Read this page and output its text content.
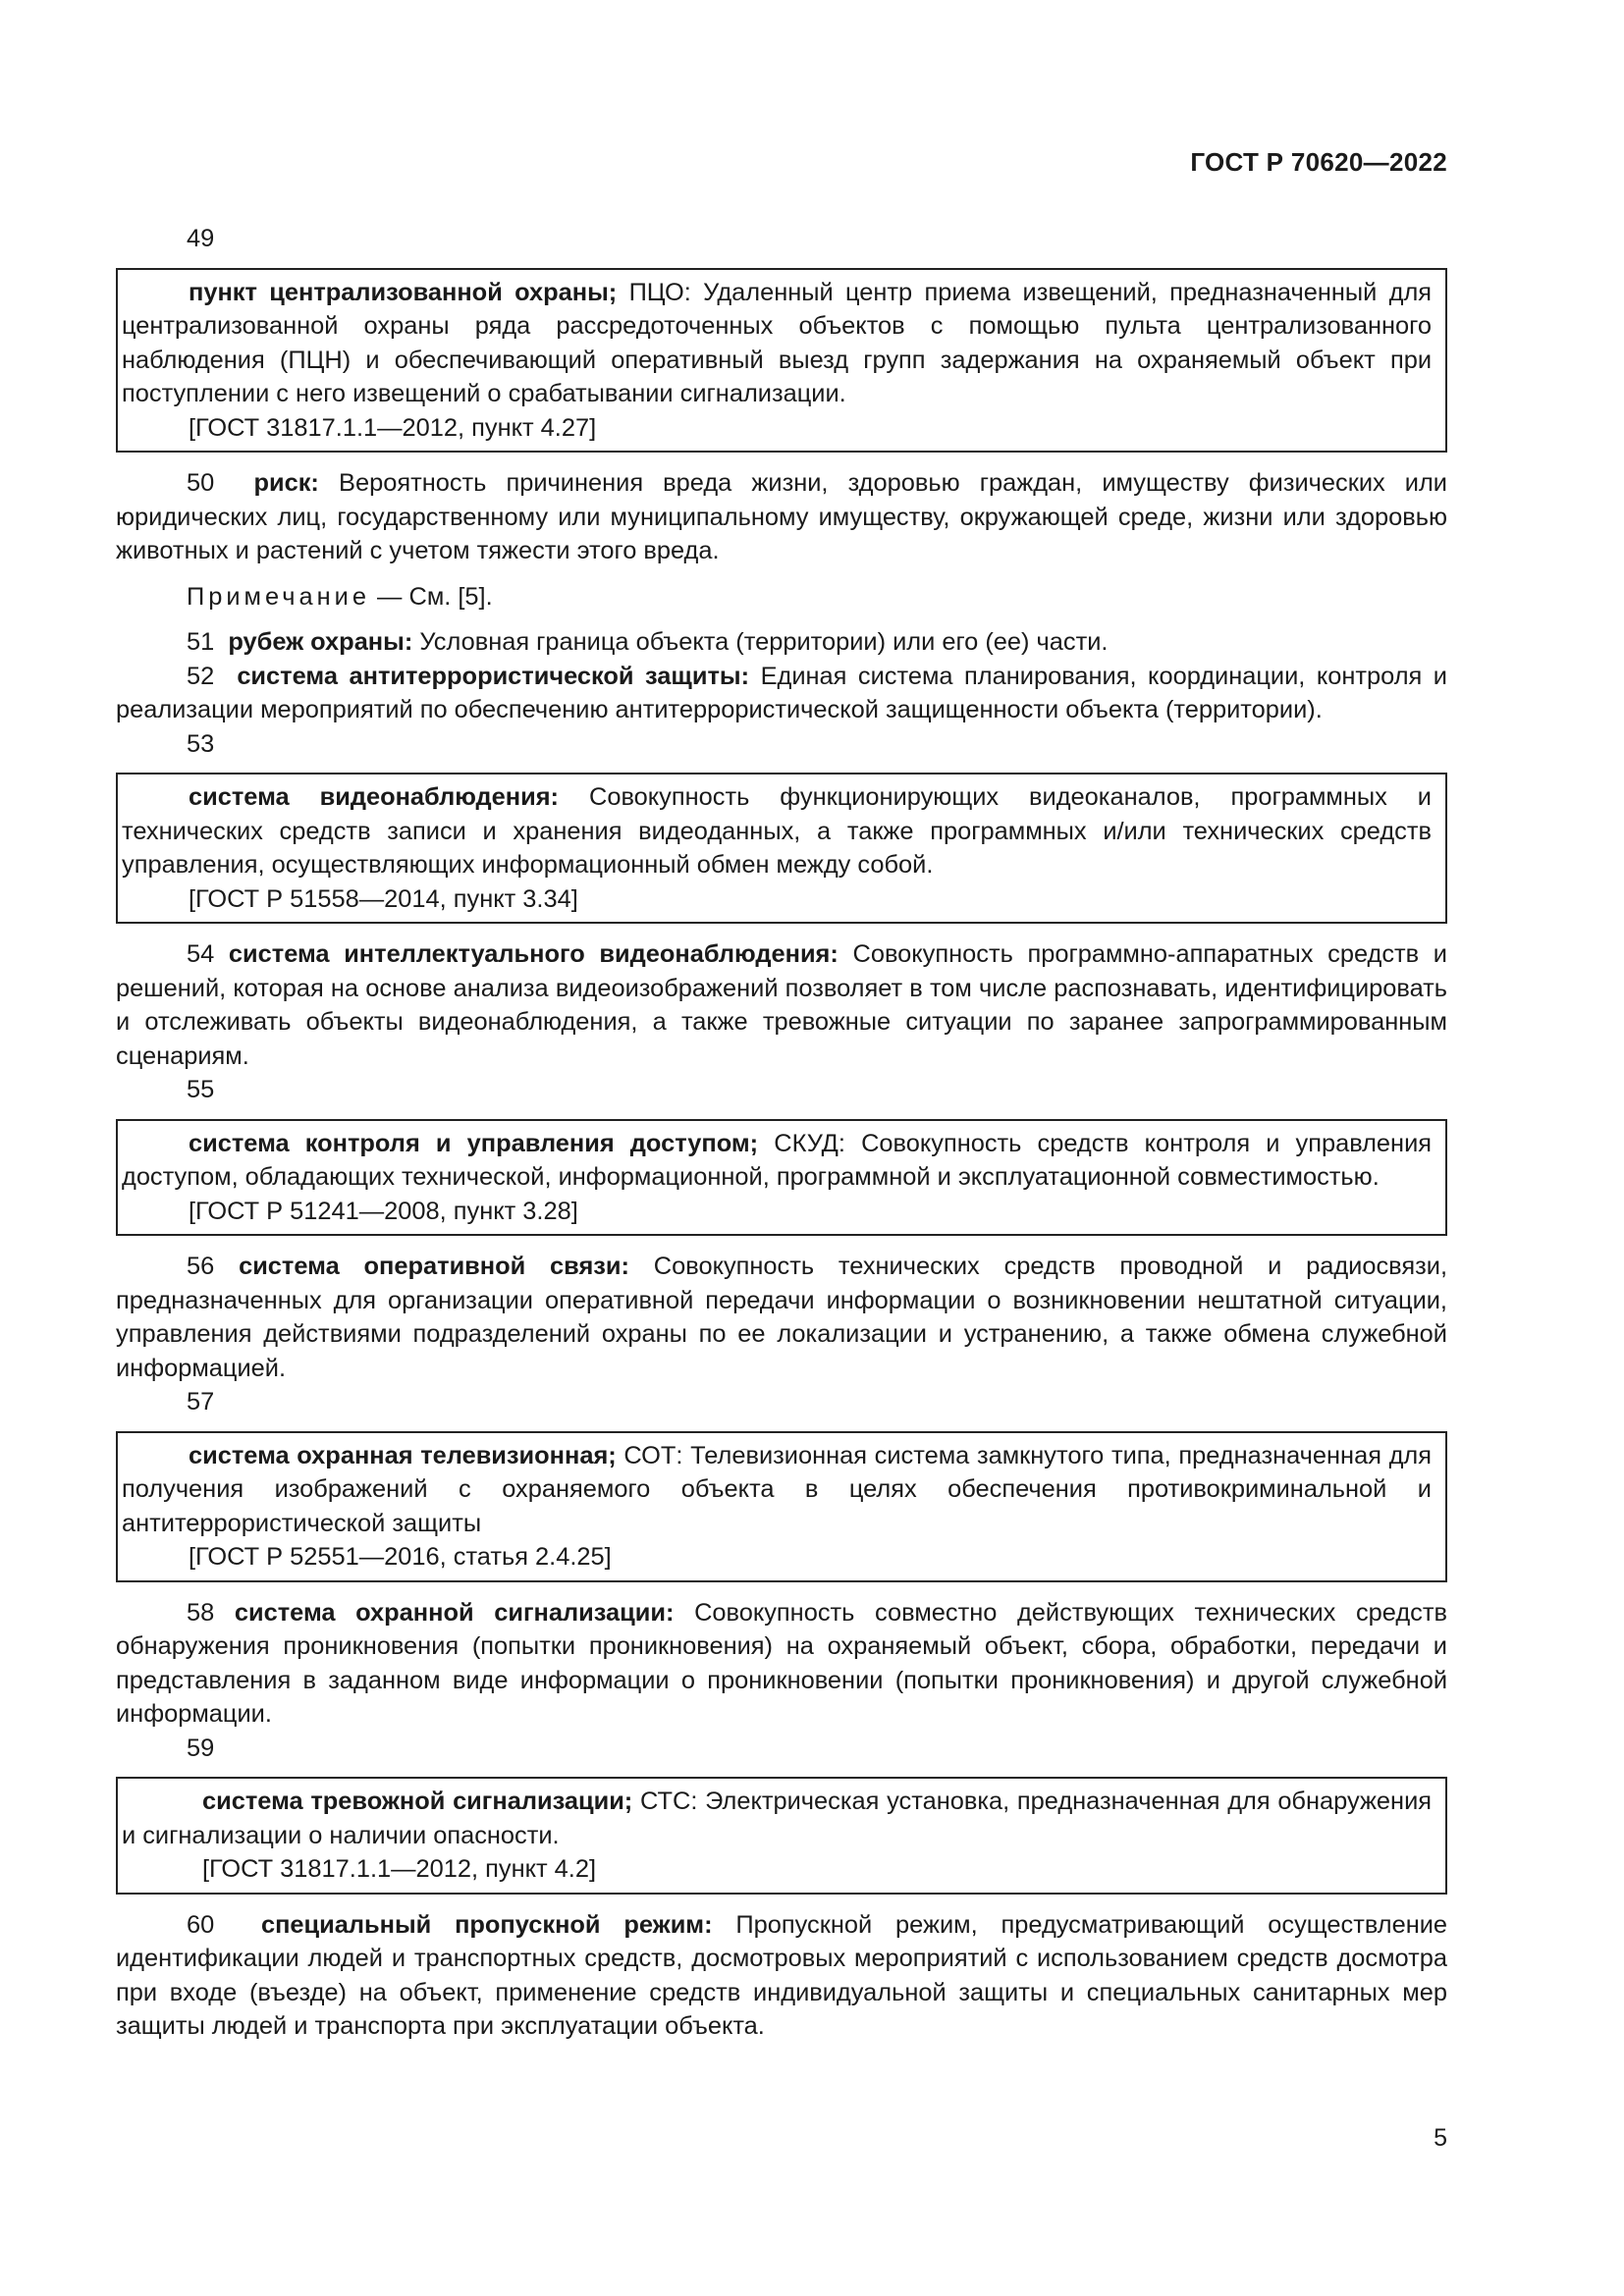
ГОСТ Р 70620—2022
49

пункт централизованной охраны; ПЦО: Удаленный центр приема извещений, предназначенный для централизованной охраны ряда рассредоточенных объектов с помощью пульта централизованного наблюдения (ПЦН) и обеспечивающий оперативный выезд групп задержания на охраняемый объект при поступлении с него извещений о срабатывании сигнализации.

[ГОСТ 31817.1.1—2012, пункт 4.27]

50 риск: Вероятность причинения вреда жизни, здоровью граждан, имуществу физических или юридических лиц, государственному или муниципальному имуществу, окружающей среде, жизни или здоровью животных и растений с учетом тяжести этого вреда.

Примечание — См. [5].

51 рубеж охраны: Условная граница объекта (территории) или его (ее) части.

52 система антитеррористической защиты: Единая система планирования, координации, контроля и реализации мероприятий по обеспечению антитеррористической защищенности объекта (территории).

53

система видеонаблюдения: Совокупность функционирующих видеоканалов, программных и технических средств записи и хранения видеоданных, а также программных и/или технических средств управления, осуществляющих информационный обмен между собой.

[ГОСТ Р 51558—2014, пункт 3.34]

54 система интеллектуального видеонаблюдения: Совокупность программно-аппаратных средств и решений, которая на основе анализа видеоизображений позволяет в том числе распознавать, идентифицировать и отслеживать объекты видеонаблюдения, а также тревожные ситуации по заранее запрограммированным сценариям.

55

система контроля и управления доступом; СКУД: Совокупность средств контроля и управления доступом, обладающих технической, информационной, программной и эксплуатационной совместимостью.

[ГОСТ Р 51241—2008, пункт 3.28]

56 система оперативной связи: Совокупность технических средств проводной и радиосвязи, предназначенных для организации оперативной передачи информации о возникновении нештатной ситуации, управления действиями подразделений охраны по ее локализации и устранению, а также обмена служебной информацией.

57

система охранная телевизионная; СОТ: Телевизионная система замкнутого типа, предназначенная для получения изображений с охраняемого объекта в целях обеспечения противокриминальной и антитеррористической защиты

[ГОСТ Р 52551—2016, статья 2.4.25]

58 система охранной сигнализации: Совокупность совместно действующих технических средств обнаружения проникновения (попытки проникновения) на охраняемый объект, сбора, обработки, передачи и представления в заданном виде информации о проникновении (попытки проникновения) и другой служебной информации.

59

система тревожной сигнализации; СТС: Электрическая установка, предназначенная для обнаружения и сигнализации о наличии опасности.

[ГОСТ 31817.1.1—2012, пункт 4.2]

60 специальный пропускной режим: Пропускной режим, предусматривающий осуществление идентификации людей и транспортных средств, досмотровых мероприятий с использованием средств досмотра при входе (въезде) на объект, применение средств индивидуальной защиты и специальных санитарных мер защиты людей и транспорта при эксплуатации объекта.

5
